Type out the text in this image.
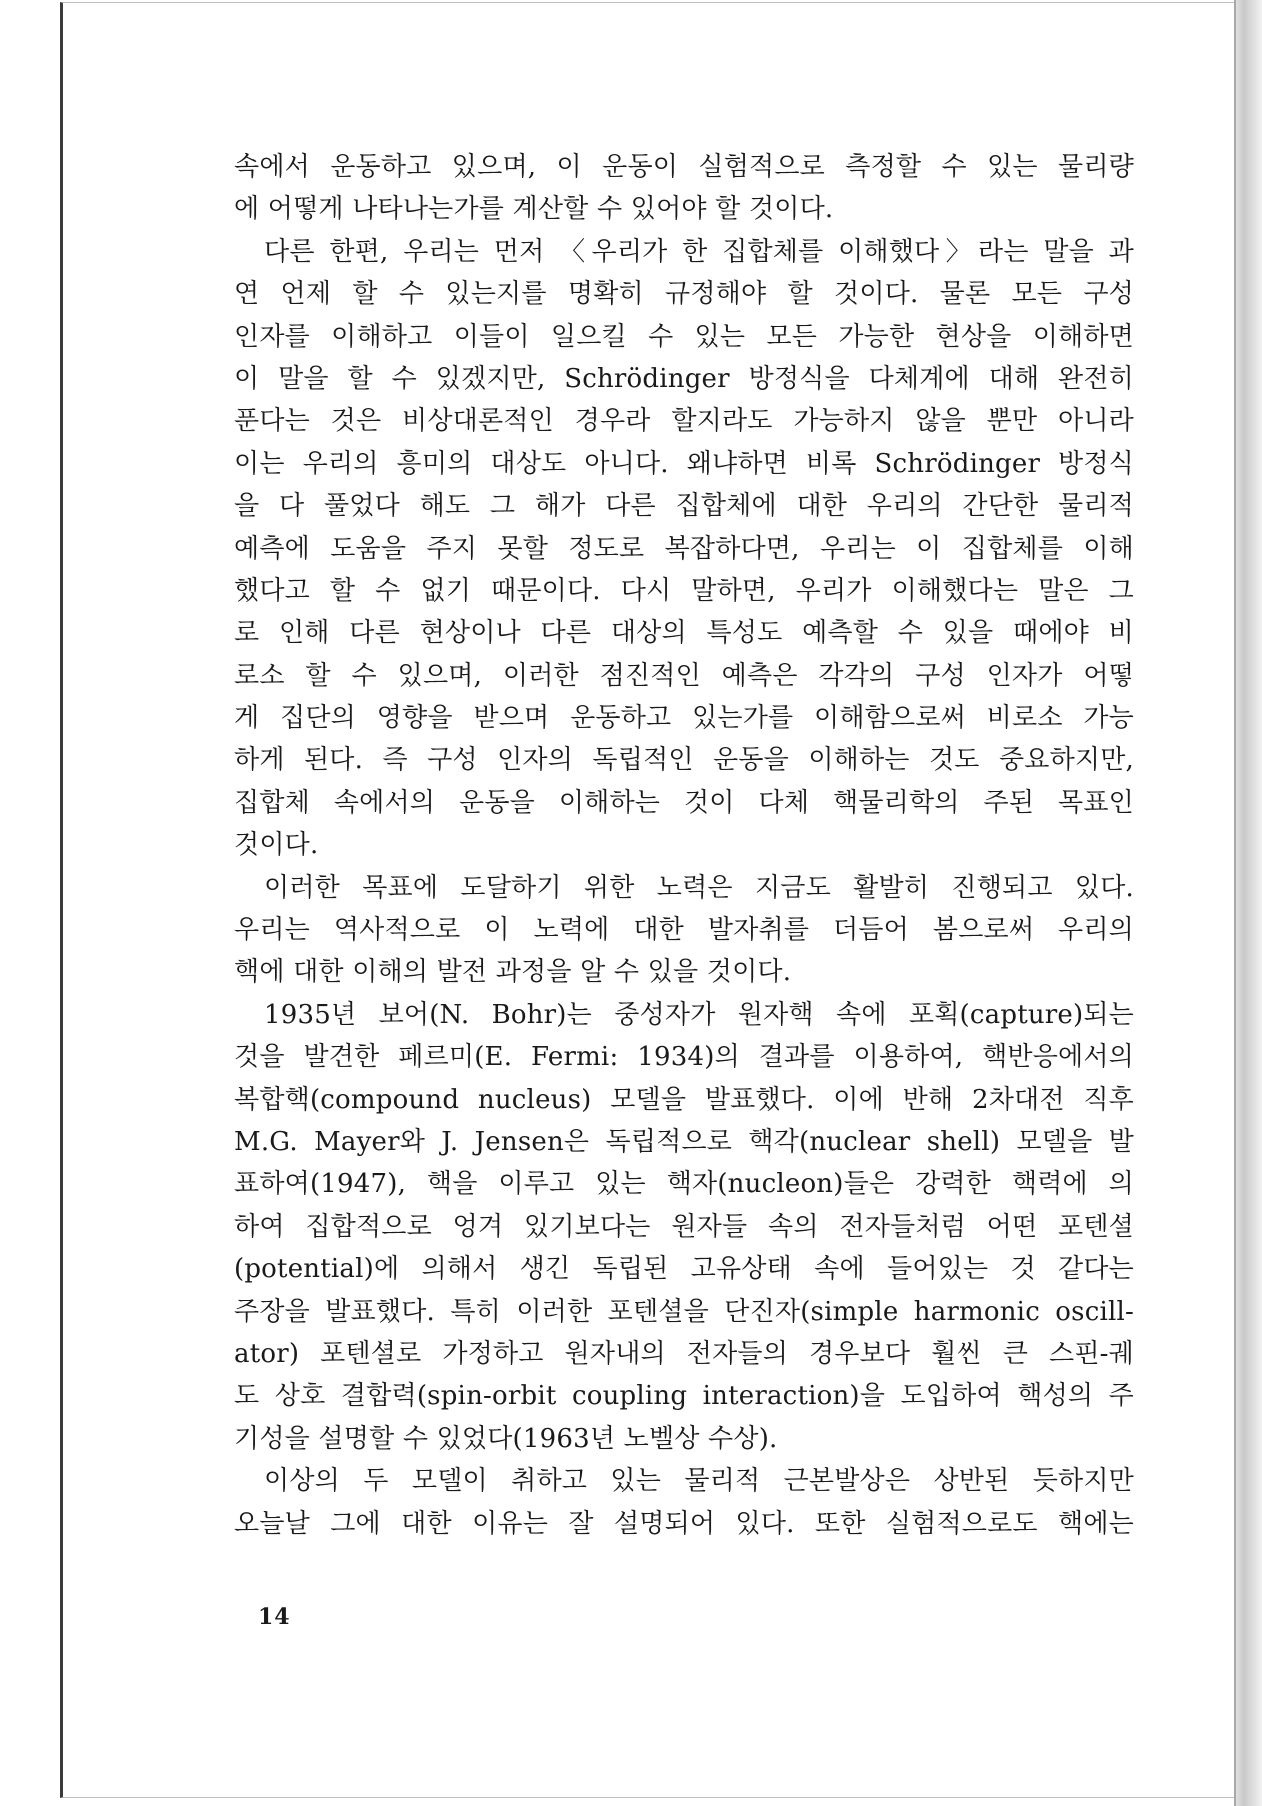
속에서 운동하고 있으며, 이 운동이 실험적으로 측정할 수 있는 물리량
에 어떻게 나타나는가를 계산할 수 있어야 할 것이다.
다른 한편, 우리는 먼저 〈우리가 한 집합체를 이해했다〉라는 말을 과
연 언제 할 수 있는지를 명확히 규정해야 할 것이다. 물론 모든 구성
인자를 이해하고 이들이 일으킬 수 있는 모든 가능한 현상을 이해하면
이 말을 할 수 있겠지만, Schrödinger 방정식을 다체계에 대해 완전히
푼다는 것은 비상대론적인 경우라 할지라도 가능하지 않을 뿐만 아니라
이는 우리의 흥미의 대상도 아니다. 왜냐하면 비록 Schrödinger 방정식
을 다 풀었다 해도 그 해가 다른 집합체에 대한 우리의 간단한 물리적
예측에 도움을 주지 못할 정도로 복잡하다면, 우리는 이 집합체를 이해
했다고 할 수 없기 때문이다. 다시 말하면, 우리가 이해했다는 말은 그
로 인해 다른 현상이나 다른 대상의 특성도 예측할 수 있을 때에야 비
로소 할 수 있으며, 이러한 점진적인 예측은 각각의 구성 인자가 어떻
게 집단의 영향을 받으며 운동하고 있는가를 이해함으로써 비로소 가능
하게 된다. 즉 구성 인자의 독립적인 운동을 이해하는 것도 중요하지만,
집합체 속에서의 운동을 이해하는 것이 다체 핵물리학의 주된 목표인
것이다.
이러한 목표에 도달하기 위한 노력은 지금도 활발히 진행되고 있다.
우리는 역사적으로 이 노력에 대한 발자취를 더듬어 봄으로써 우리의
핵에 대한 이해의 발전 과정을 알 수 있을 것이다.
1935년 보어(N. Bohr)는 중성자가 원자핵 속에 포획(capture)되는
것을 발견한 페르미(E. Fermi: 1934)의 결과를 이용하여, 핵반응에서의
복합핵(compound nucleus) 모델을 발표했다. 이에 반해 2차대전 직후
M.G. Mayer와 J. Jensen은 독립적으로 핵각(nuclear shell) 모델을 발
표하여(1947), 핵을 이루고 있는 핵자(nucleon)들은 강력한 핵력에 의
하여 집합적으로 엉겨 있기보다는 원자들 속의 전자들처럼 어떤 포텐셜
(potential)에 의해서 생긴 독립된 고유상태 속에 들어있는 것 같다는
주장을 발표했다. 특히 이러한 포텐셜을 단진자(simple harmonic oscill-
ator) 포텐셜로 가정하고 원자내의 전자들의 경우보다 훨씬 큰 스핀-궤
도 상호 결합력(spin-orbit coupling interaction)을 도입하여 핵성의 주
기성을 설명할 수 있었다(1963년 노벨상 수상).
이상의 두 모델이 취하고 있는 물리적 근본발상은 상반된 듯하지만
오늘날 그에 대한 이유는 잘 설명되어 있다. 또한 실험적으로도 핵에는
14
